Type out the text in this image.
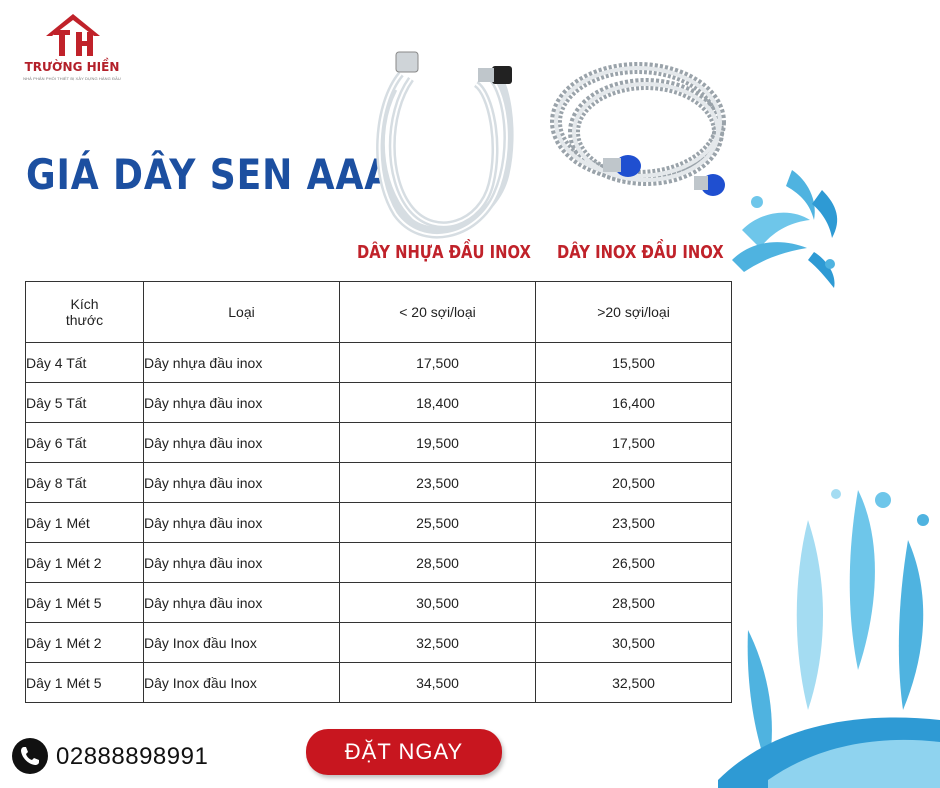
TRƯỜNG HIỀN
NHÀ PHÂN PHỐI THIẾT BỊ XÂY DỰNG HÀNG ĐẦU
GIÁ DÂY SEN AAA
DÂY NHỰA ĐẦU INOX DÂY INOX ĐẦU INOX
Kích
thước	Loại	< 20 sợi/loại	>20 sợi/loại
Dây 4 Tất	Dây nhựa đầu inox	17,500	15,500
Dây 5 Tất	Dây nhựa đầu inox	18,400	16,400
Dây 6 Tất	Dây nhựa đầu inox	19,500	17,500
Dây 8 Tất	Dây nhựa đầu inox	23,500	20,500
Dây 1 Mét	Dây nhựa đầu inox	25,500	23,500
Dây 1 Mét 2	Dây nhựa đầu inox	28,500	26,500
Dây 1 Mét 5	Dây nhựa đầu inox	30,500	28,500
Dây 1 Mét 2	Dây Inox đầu Inox	32,500	30,500
Dây 1 Mét 5	Dây Inox đầu Inox	34,500	32,500
02888898991	ĐẶT NGAY
